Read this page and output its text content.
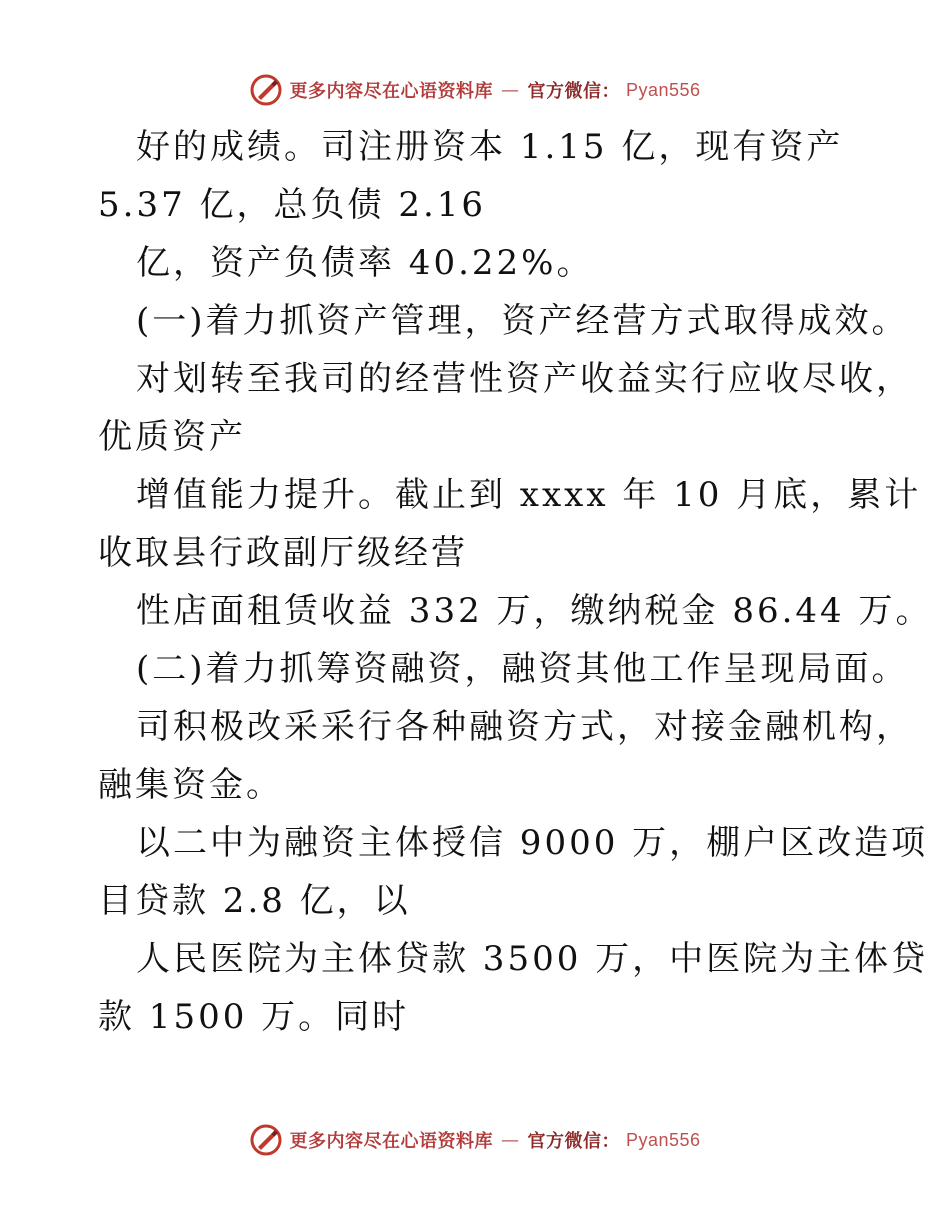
更多内容尽在心语资料库 — 官方微信： Pyan556

好的成绩。司注册资本 1.15 亿，现有资产

5.37 亿，总负债 2.16

亿，资产负债率 40.22%。

(一)着力抓资产管理，资产经营方式取得成效。

对划转至我司的经营性资产收益实行应收尽收，

优质资产

增值能力提升。截止到 xxxx 年 10 月底，累计

收取县行政副厅级经营

性店面租赁收益 332 万，缴纳税金 86.44 万。

(二)着力抓筹资融资，融资其他工作呈现局面。

司积极改采采行各种融资方式，对接金融机构，

融集资金。

以二中为融资主体授信 9000 万，棚户区改造项

目贷款 2.8 亿，以

人民医院为主体贷款 3500 万，中医院为主体贷

款 1500 万。同时

更多内容尽在心语资料库 — 官方微信： Pyan556
